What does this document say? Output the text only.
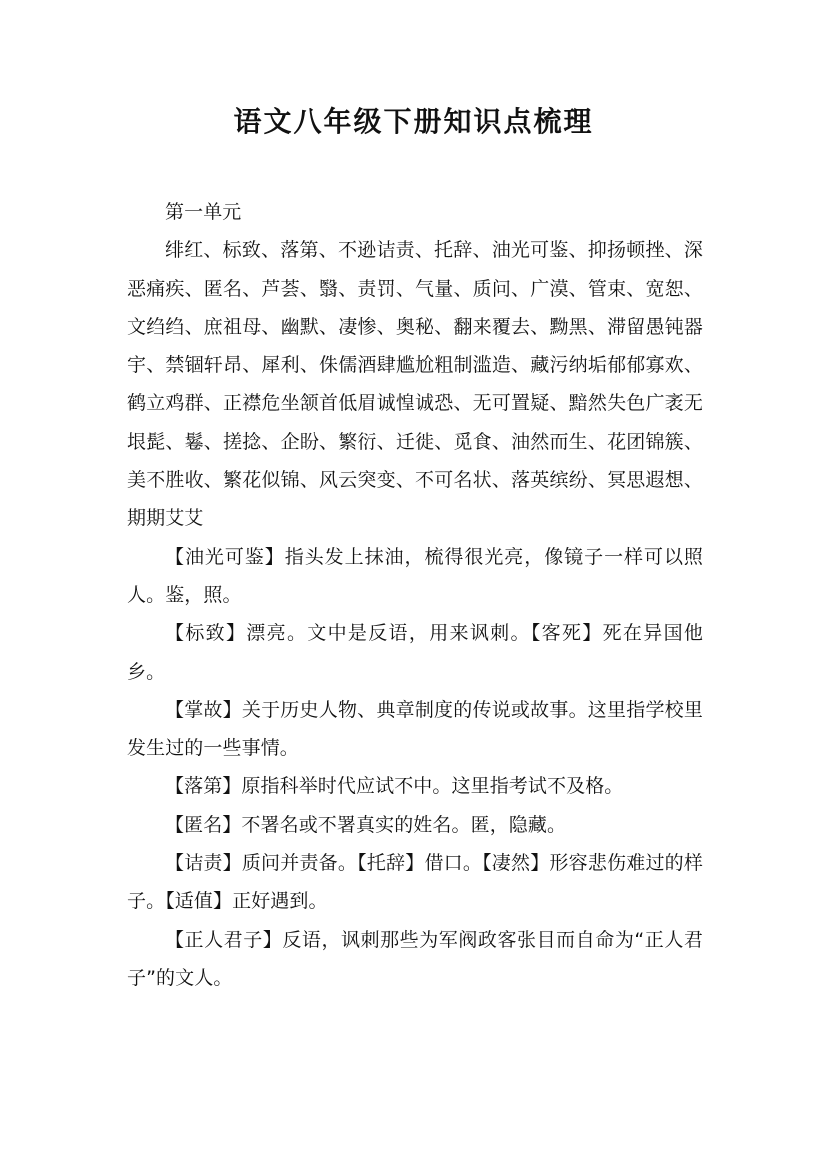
语文八年级下册知识点梳理

第一单元

绯红、标致、落第、不逊诘责、托辞、油光可鉴、抑扬顿挫、深恶痛疾、匿名、芦荟、翳、责罚、气量、质问、广漠、管束、宽恕、文绉绉、庶祖母、幽默、凄惨、奥秘、翻来覆去、黝黑、滞留愚钝器宇、禁锢轩昂、犀利、侏儒酒肆尴尬粗制滥造、藏污纳垢郁郁寡欢、鹤立鸡群、正襟危坐颔首低眉诚惶诚恐、无可置疑、黯然失色广袤无垠髭、鬈、搓捻、企盼、繁衍、迁徙、觅食、油然而生、花团锦簇、美不胜收、繁花似锦、风云突变、不可名状、落英缤纷、冥思遐想、期期艾艾

【油光可鉴】指头发上抹油，梳得很光亮，像镜子一样可以照人。鉴，照。

【标致】漂亮。文中是反语，用来讽刺。【客死】死在异国他乡。

【掌故】关于历史人物、典章制度的传说或故事。这里指学校里发生过的一些事情。

【落第】原指科举时代应试不中。这里指考试不及格。

【匿名】不署名或不署真实的姓名。匿，隐藏。

【诘责】质问并责备。【托辞】借口。【凄然】形容悲伤难过的样子。【适值】正好遇到。

【正人君子】反语，讽刺那些为军阀政客张目而自命为“正人君子”的文人。
